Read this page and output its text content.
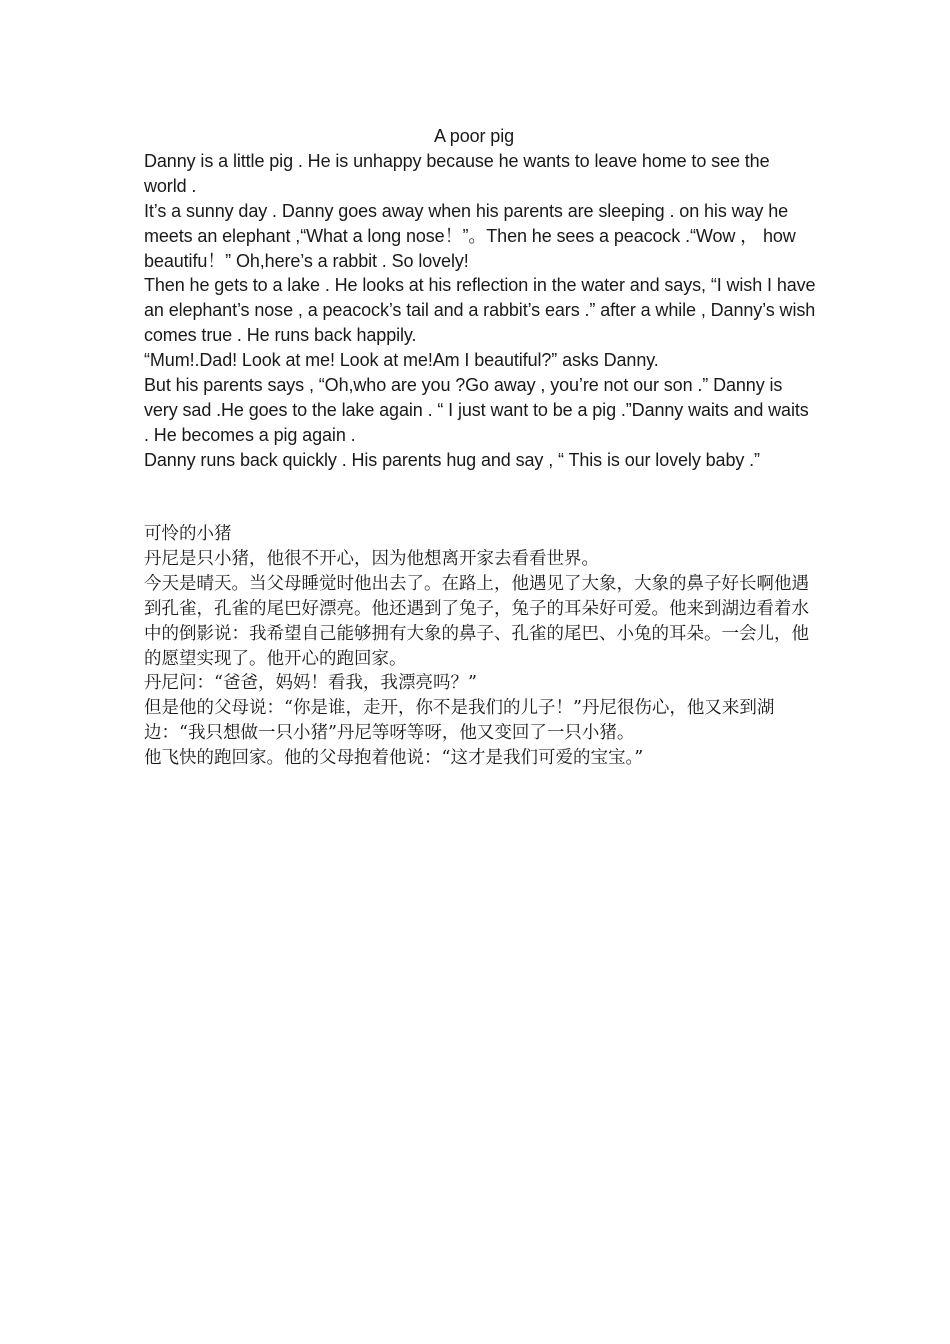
A poor pig

Danny is a little pig . He is unhappy because he wants to leave home to see the world .

It’s a sunny day . Danny goes away when his parents are sleeping . on his way he meets an elephant ,“What a long nose！”。Then he sees a peacock .“Wow ， how beautifu！” Oh,here’s a rabbit . So lovely!

Then he gets to a lake . He looks at his reflection in the water and says, “I wish I have an elephant’s nose , a peacock’s tail and a rabbit’s ears .” after a while , Danny’s wish comes true . He runs back happily.

“Mum!.Dad! Look at me! Look at me!Am I beautiful?” asks Danny.

But his parents says , “Oh,who are you ?Go away , you’re not our son .” Danny is very sad .He goes to the lake again . “ I just want to be a pig .”Danny waits and waits . He becomes a pig again .

Danny runs back quickly . His parents hug and say , “ This is our lovely baby .”

可怜的小猪

丹尼是只小猪，他很不开心，因为他想离开家去看看世界。

今天是晴天。当父母睡觉时他出去了。在路上，他遇见了大象，大象的鼻子好长啊他遇到孔雀，孔雀的尾巴好漂亮。他还遇到了兔子，兔子的耳朵好可爱。他来到湖边看着水中的倒影说：我希望自己能够拥有大象的鼻子、孔雀的尾巴、小兔的耳朵。一会儿，他的愿望实现了。他开心的跑回家。

丹尼问：“爸爸，妈妈！看我，我漂亮吗？”

但是他的父母说：“你是谁，走开，你不是我们的儿子！”丹尼很伤心，他又来到湖边：“我只想做一只小猪”丹尼等呀等呀，他又变回了一只小猪。

他飞快的跑回家。他的父母抱着他说：“这才是我们可爱的宝宝。”
